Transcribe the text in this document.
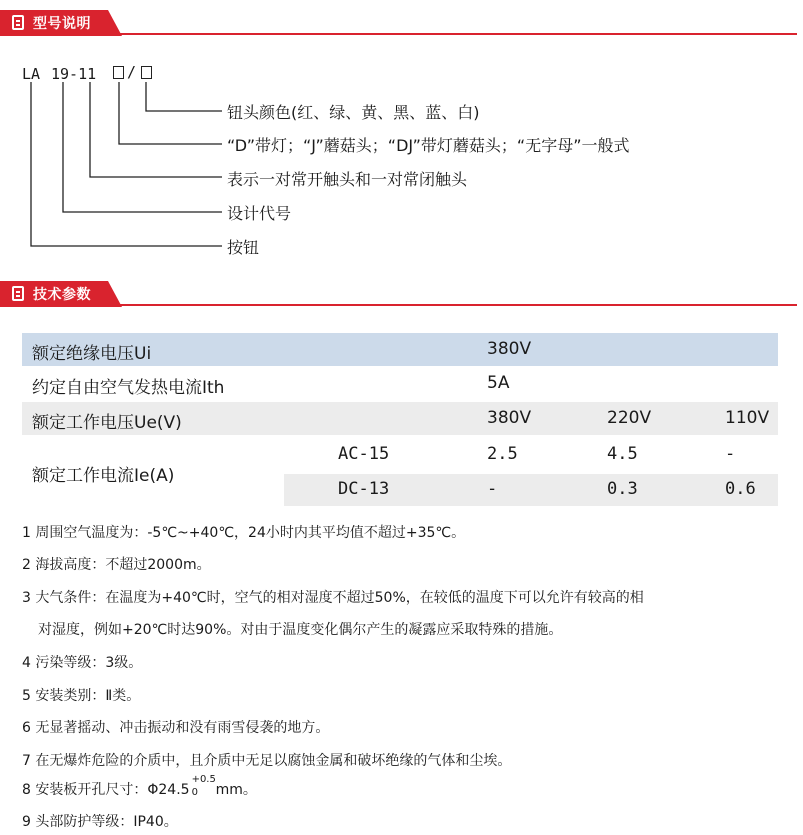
型号说明
LA 19-11 /
钮头颜色(红、绿、黄、黑、蓝、白)
“D”带灯；“J”蘑菇头；“DJ”带灯蘑菇头；“无字母”一般式
表示一对常开触头和一对常闭触头
设计代号
按钮
技术参数
额定绝缘电压Ui	380V
约定自由空气发热电流Ith	5A
额定工作电压Ue(V)	380V	220V	110V
额定工作电流Ie(A)
AC-15	2.5	4.5	-
DC-13	-	0.3	0.6
1 周围空气温度为：-5℃~+40℃，24小时内其平均值不超过+35℃。
2 海拔高度：不超过2000m。
3 大气条件：在温度为+40℃时，空气的相对湿度不超过50%，在较低的温度下可以允许有较高的相
对湿度，例如+20℃时达90%。对由于温度变化偶尔产生的凝露应采取特殊的措施。
4 污染等级：3级。
5 安装类别：Ⅱ类。
6 无显著摇动、冲击振动和没有雨雪侵袭的地方。
7 在无爆炸危险的介质中，且介质中无足以腐蚀金属和破坏绝缘的气体和尘埃。
8 安装板开孔尺寸：Φ24.5
+0.5
0 mm。
9 头部防护等级：IP40。
